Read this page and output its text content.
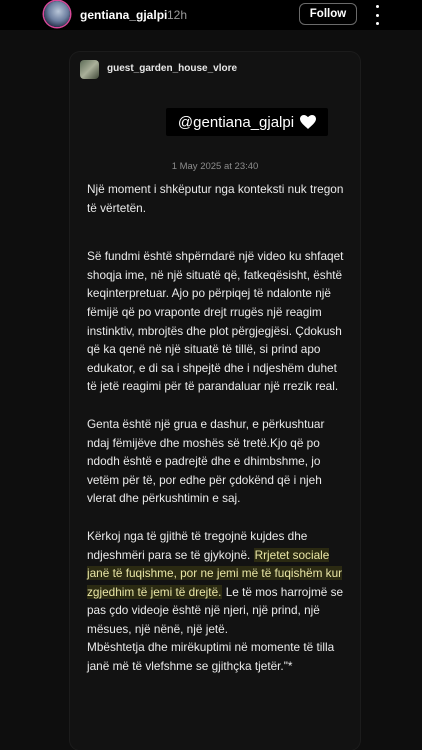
gentiana_gjalpi 12h	Follow
guest_garden_house_vlore
@gentiana_gjalpi
1 May 2025 at 23:40

Një moment i shkëputur nga konteksti nuk tregon të vërtetën.

Së fundmi është shpërndarë një video ku shfaqet shoqja ime, në një situatë që, fatkeqësisht, është keqinterpretuar. Ajo po përpiqej të ndalonte një fëmijë që po vraponte drejt rrugës një reagim instinktiv, mbrojtës dhe plot përgjegjësi. Çdokush që ka qenë në një situatë të tillë, si prind apo edukator, e di sa i shpejtë dhe i ndjeshëm duhet të jetë reagimi për të parandaluar një rrezik real.

Genta është një grua e dashur, e përkushtuar ndaj fëmijëve dhe moshës së tretë.Kjo që po ndodh është e padrejtë dhe e dhimbshme, jo vetëm për të, por edhe për çdokënd që i njeh vlerat dhe përkushtimin e saj.

Kërkoj nga të gjithë të tregojnë kujdes dhe ndjeshmëri para se të gjykojnë. Rrjetet sociale janë të fuqishme, por ne jemi më të fuqishëm kur zgjedhim të jemi të drejtë. Le të mos harrojmë se pas çdo videoje është një njeri, një prind, një mësues, një nënë, një jetë.

Mbështetja dhe mirëkuptimi në momente të tilla janë më të vlefshme se gjithçka tjetër."*
